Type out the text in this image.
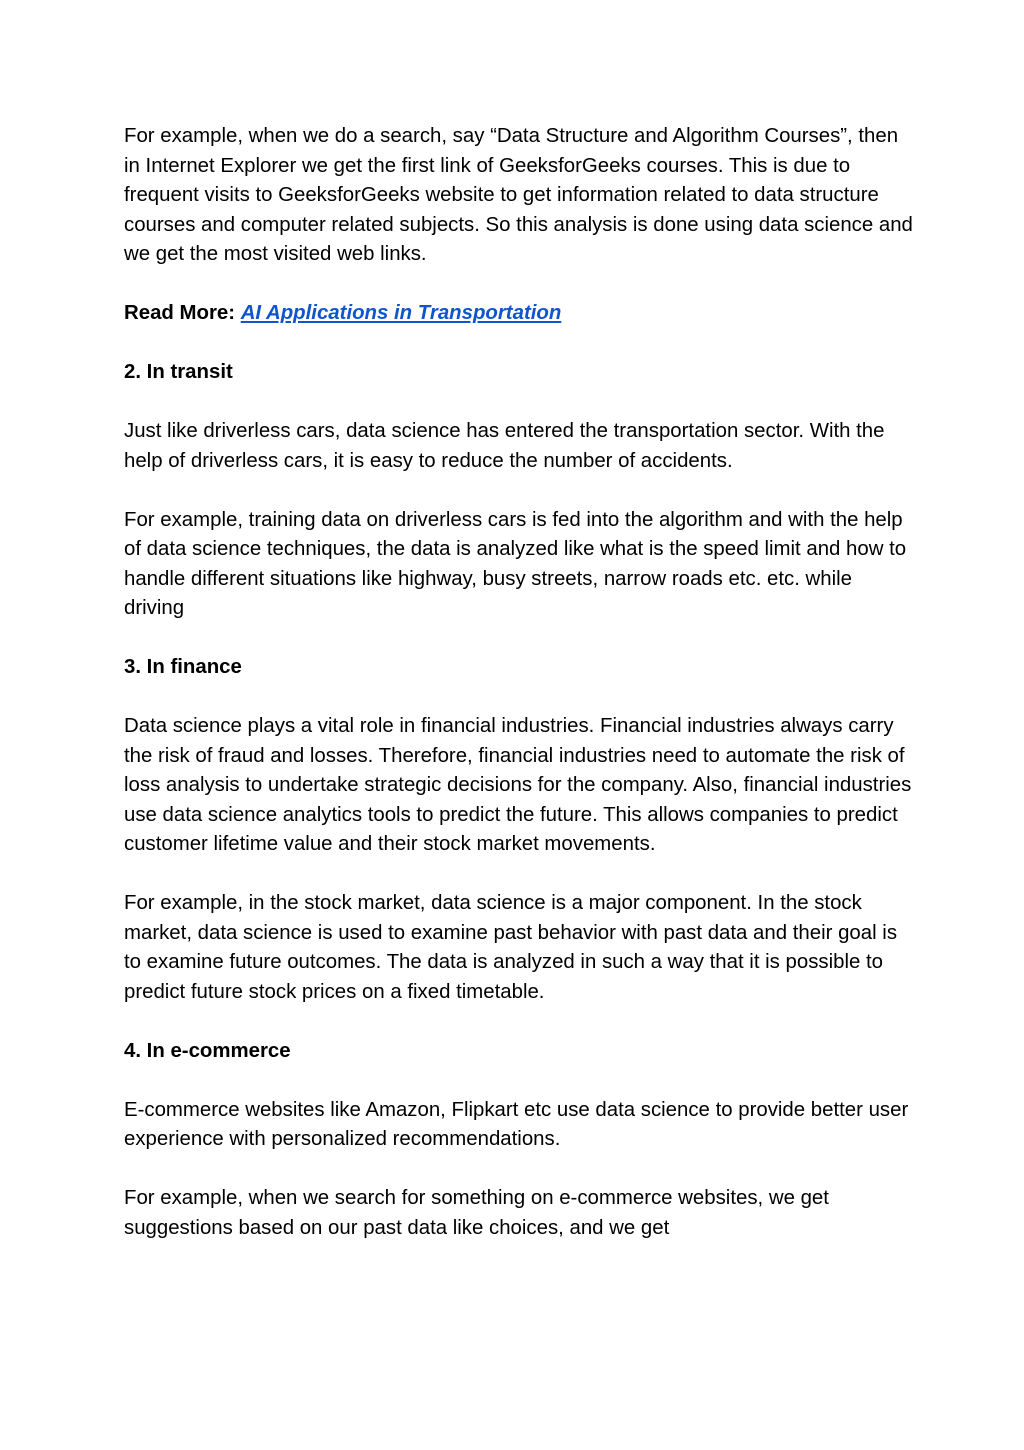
For example, when we do a search, say “Data Structure and Algorithm Courses”, then in Internet Explorer we get the first link of GeeksforGeeks courses. This is due to frequent visits to GeeksforGeeks website to get information related to data structure courses and computer related subjects. So this analysis is done using data science and we get the most visited web links.

Read More: AI Applications in Transportation

2. In transit

Just like driverless cars, data science has entered the transportation sector. With the help of driverless cars, it is easy to reduce the number of accidents.

For example, training data on driverless cars is fed into the algorithm and with the help of data science techniques, the data is analyzed like what is the speed limit and how to handle different situations like highway, busy streets, narrow roads etc. etc. while driving

3. In finance

Data science plays a vital role in financial industries. Financial industries always carry the risk of fraud and losses. Therefore, financial industries need to automate the risk of loss analysis to undertake strategic decisions for the company. Also, financial industries use data science analytics tools to predict the future. This allows companies to predict customer lifetime value and their stock market movements.

For example, in the stock market, data science is a major component. In the stock market, data science is used to examine past behavior with past data and their goal is to examine future outcomes. The data is analyzed in such a way that it is possible to predict future stock prices on a fixed timetable.

4. In e-commerce

E-commerce websites like Amazon, Flipkart etc use data science to provide better user experience with personalized recommendations.

For example, when we search for something on e-commerce websites, we get suggestions based on our past data like choices, and we get
